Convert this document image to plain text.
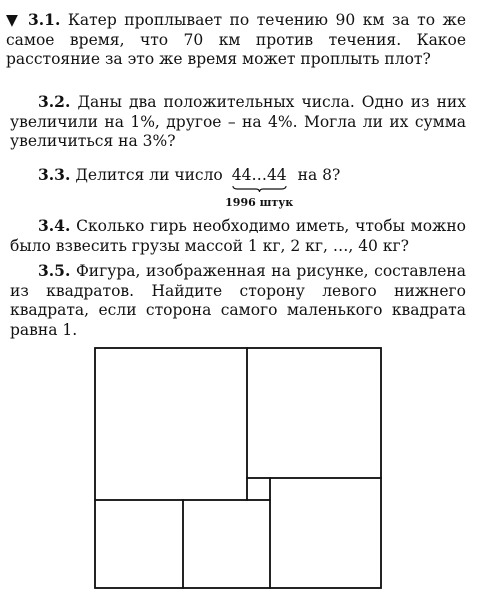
▼ 3.1. Катер проплывает по течению 90 км за то же самое время, что 70 км против течения. Какое расстояние за это же время может проплыть плот?

3.2. Даны два положительных числа. Одно из них увеличили на 1%, другое – на 4%. Могла ли их сумма увеличиться на 3%?

3.3. Делится ли число 44…44
1996 штук
на 8?

3.4. Сколько гирь необходимо иметь, чтобы можно было взвесить грузы массой 1 кг, 2 кг, …, 40 кг?

3.5. Фигура, изображенная на рисунке, составлена из квадратов. Найдите сторону левого нижнего квадрата, если сторона самого маленького квадрата равна 1.
